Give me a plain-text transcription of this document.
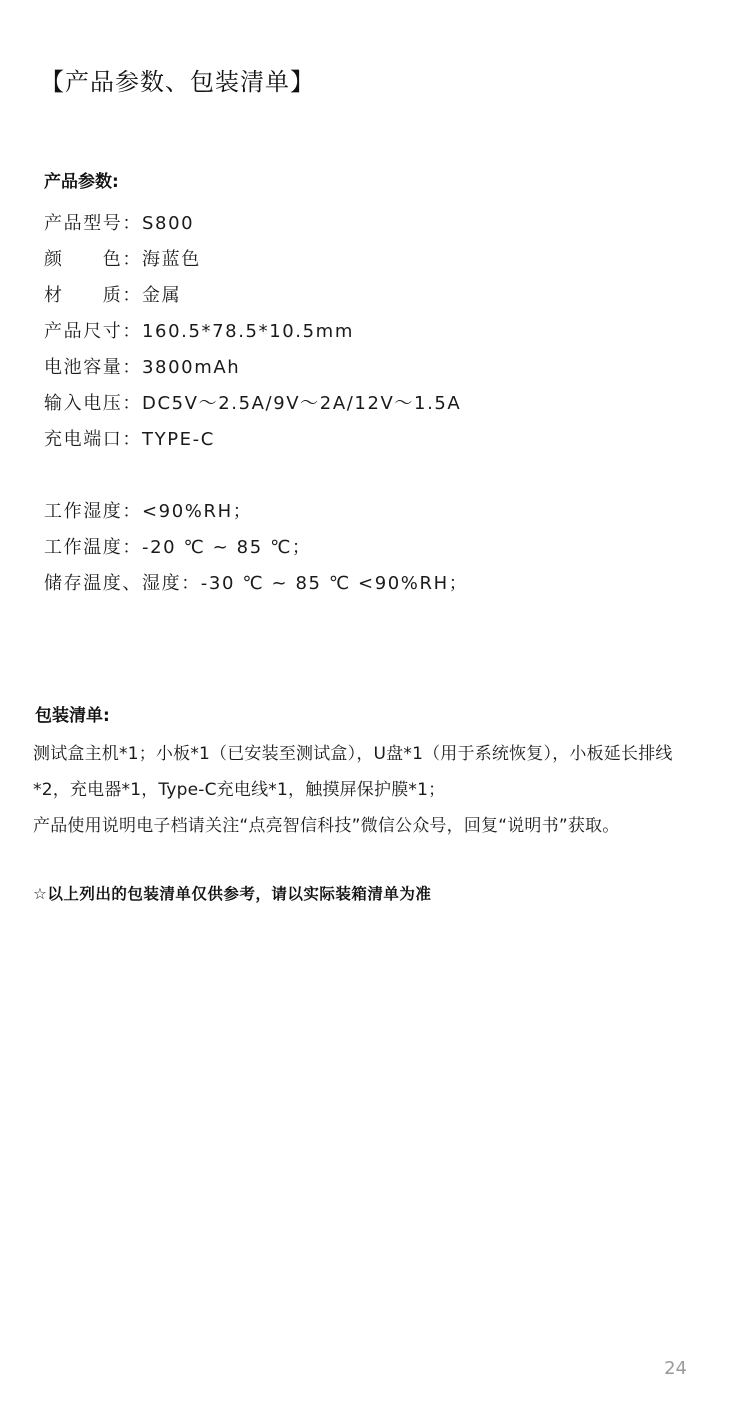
【产品参数、包装清单】
产品参数:
产品型号：S800
颜　　色：海蓝色
材　　质：金属
产品尺寸：160.5*78.5*10.5mm
电池容量：3800mAh
输入电压：DC5V～2.5A/9V～2A/12V～1.5A
充电端口：TYPE-C
工作湿度：<90%RH；
工作温度：-20 ℃ ~ 85 ℃；
储存温度、湿度：-30 ℃ ~ 85 ℃ <90%RH；
包装清单:

测试盒主机*1；小板*1（已安装至测试盒），U盘*1（用于系统恢复），小板延长排线*2，充电器*1，Type-C充电线*1，触摸屏保护膜*1；

产品使用说明电子档请关注“点亮智信科技”微信公众号，回复“说明书”获取。

☆以上列出的包装清单仅供参考，请以实际装箱清单为准
24
